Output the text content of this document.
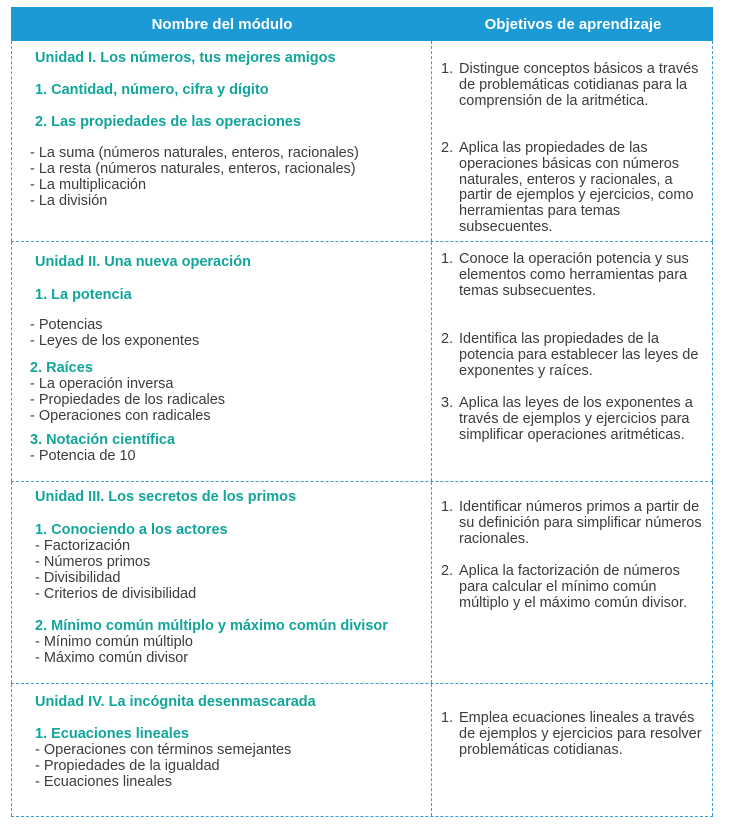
Nombre del módulo	Objetivos de aprendizaje
Unidad I. Los números, tus mejores amigos
1. Cantidad, número, cifra y dígito
2. Las propiedades de las operaciones
- La suma (números naturales, enteros, racionales)
- La resta (números naturales, enteros, racionales)
- La multiplicación
- La división
1. Distingue conceptos básicos a través de problemáticas cotidianas para la comprensión de la aritmética.
2. Aplica las propiedades de las operaciones básicas con números naturales, enteros y racionales, a partir de ejemplos y ejercicios, como herramientas para temas subsecuentes.
Unidad II. Una nueva operación
1. La potencia
- Potencias
- Leyes de los exponentes
2. Raíces
- La operación inversa
- Propiedades de los radicales
- Operaciones con radicales
3. Notación científica
- Potencia de 10
1. Conoce la operación potencia y sus elementos como herramientas para temas subsecuentes.
2. Identifica las propiedades de la potencia para establecer las leyes de exponentes y raíces.
3. Aplica las leyes de los exponentes a través de ejemplos y ejercicios para simplificar operaciones aritméticas.
Unidad III. Los secretos de los primos
1. Conociendo a los actores
- Factorización
- Números primos
- Divisibilidad
- Criterios de divisibilidad
2. Mínimo común múltiplo y máximo común divisor
- Mínimo común múltiplo
- Máximo común divisor
1. Identificar números primos a partir de su definición para simplificar números racionales.
2. Aplica la factorización de números para calcular el mínimo común múltiplo y el máximo común divisor.
Unidad IV. La incógnita desenmascarada
1. Ecuaciones lineales
- Operaciones con términos semejantes
- Propiedades de la igualdad
- Ecuaciones lineales
1. Emplea ecuaciones lineales a través de ejemplos y ejercicios para resolver problemáticas cotidianas.
